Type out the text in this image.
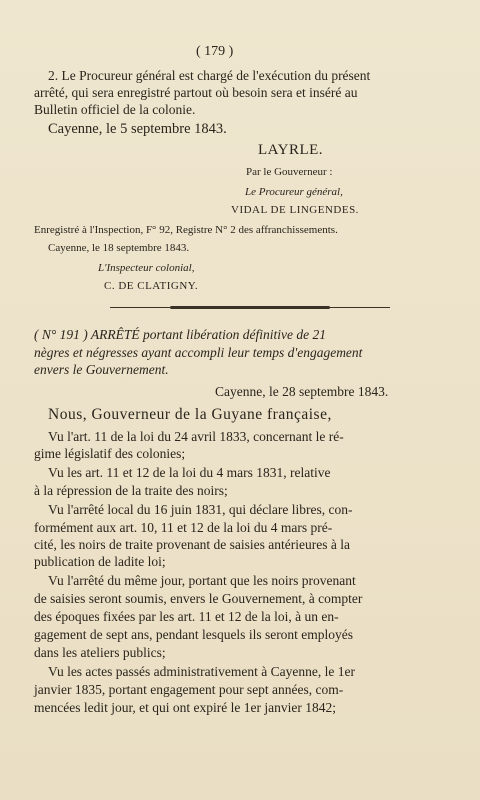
( 179 )
2. Le Procureur général est chargé de l'exécution du présent
arrêté, qui sera enregistré partout où besoin sera et inséré au
Bulletin officiel de la colonie.
Cayenne, le 5 septembre 1843.
LAYRLE.
Par le Gouverneur :
Le Procureur général,
VIDAL DE LINGENDES.
Enregistré à l'Inspection, F° 92, Registre N° 2 des affranchissements.
Cayenne, le 18 septembre 1843.
L'Inspecteur colonial,
C. DE CLATIGNY.
( N° 191 ) ARRÊTÉ portant libération définitive de 21
nègres et négresses ayant accompli leur temps d'engagement
envers le Gouvernement.
Cayenne, le 28 septembre 1843.
Nous, Gouverneur de la Guyane française,
Vu l'art. 11 de la loi du 24 avril 1833, concernant le ré-
gime législatif des colonies;
Vu les art. 11 et 12 de la loi du 4 mars 1831, relative
à la répression de la traite des noirs;
Vu l'arrêté local du 16 juin 1831, qui déclare libres, con-
formément aux art. 10, 11 et 12 de la loi du 4 mars pré-
cité, les noirs de traite provenant de saisies antérieures à la
publication de ladite loi;
Vu l'arrêté du même jour, portant que les noirs provenant
de saisies seront soumis, envers le Gouvernement, à compter
des époques fixées par les art. 11 et 12 de la loi, à un en-
gagement de sept ans, pendant lesquels ils seront employés
dans les ateliers publics;
Vu les actes passés administrativement à Cayenne, le 1er
janvier 1835, portant engagement pour sept années, com-
mencées ledit jour, et qui ont expiré le 1er janvier 1842;
